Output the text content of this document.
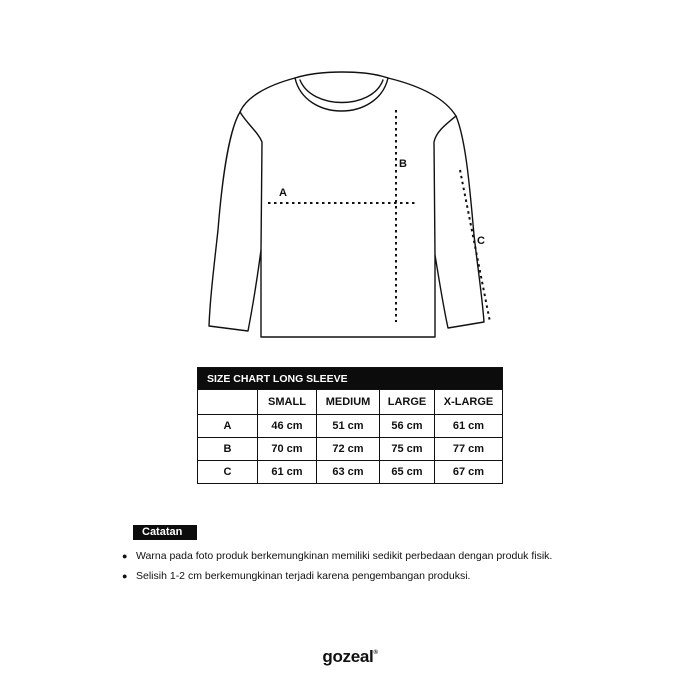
A
B
C
SIZE CHART LONG SLEEVE				
	SMALL	MEDIUM	LARGE	X-LARGE
A	46 cm	51 cm	56 cm	61 cm
B	70 cm	72 cm	75 cm	77 cm
C	61 cm	63 cm	65 cm	67 cm
Catatan
● Warna pada foto produk berkemungkinan memiliki sedikit perbedaan dengan produk fisik.
● Selisih 1-2 cm berkemungkinan terjadi karena pengembangan produksi.
gozeal®
